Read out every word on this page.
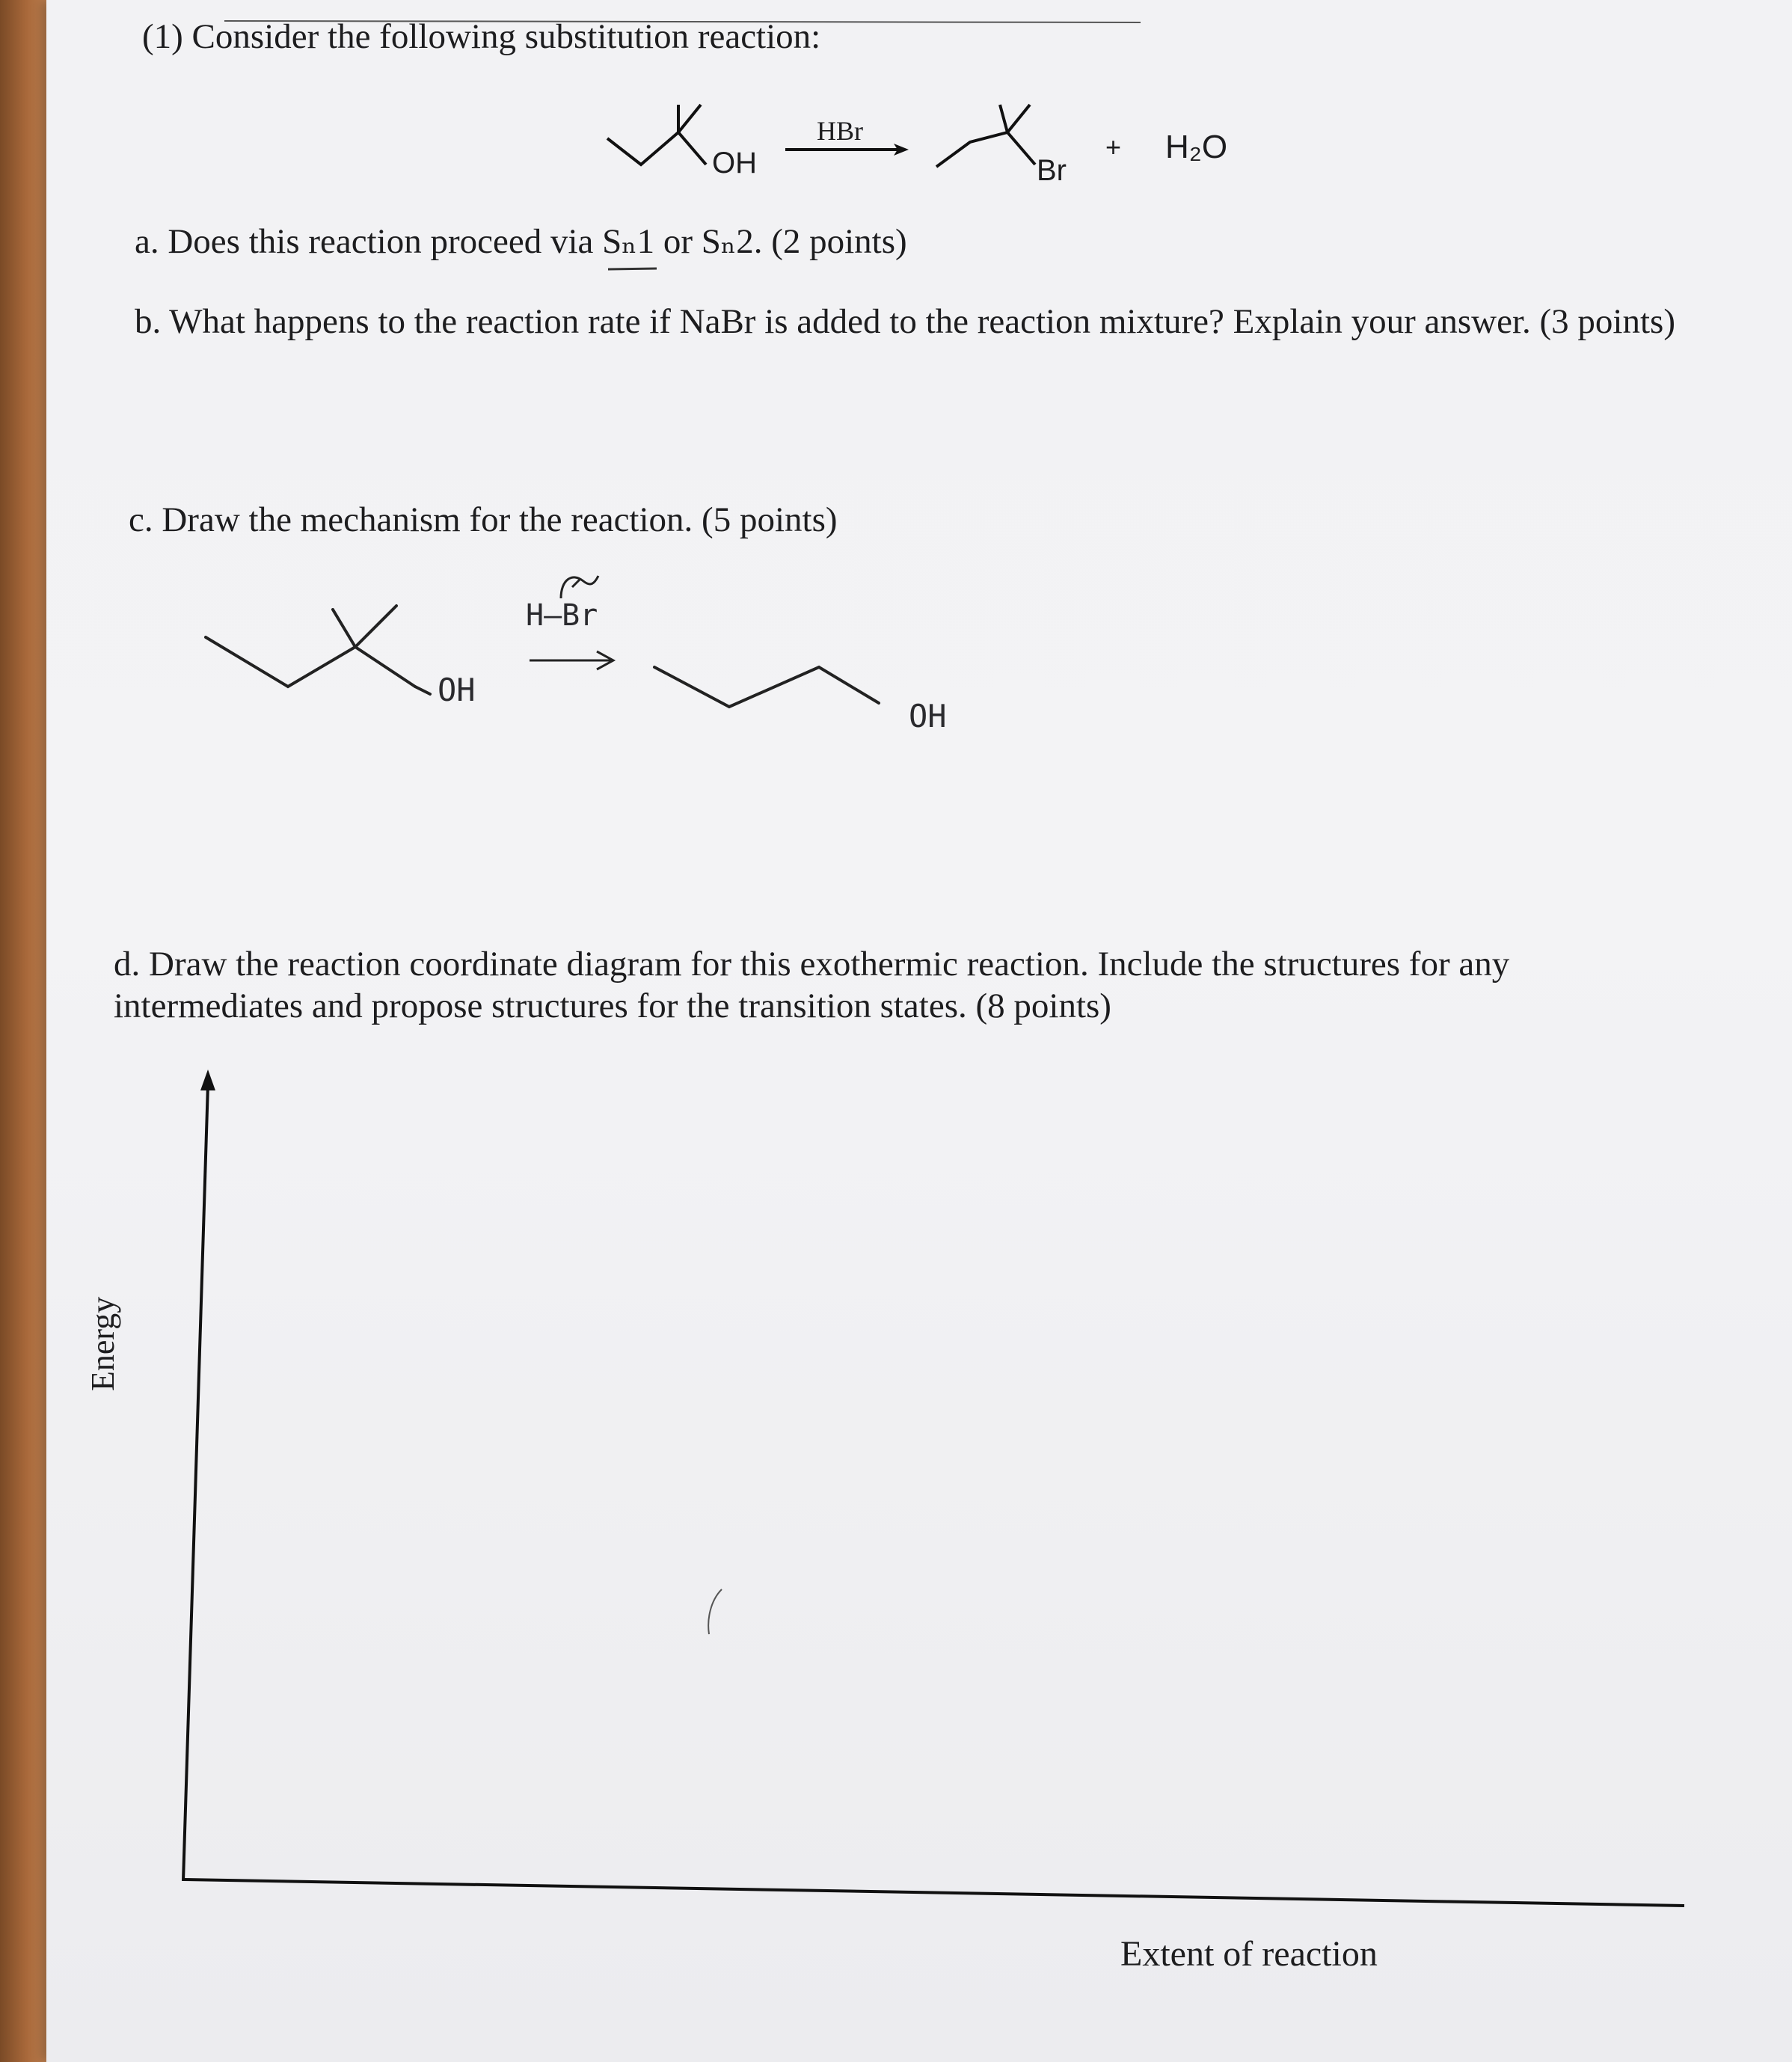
(1) Consider the following substitution reaction:
OH
HBr
Br
+ H₂O
a. Does this reaction proceed via Sₙ1 or Sₙ2. (2 points)
b. What happens to the reaction rate if NaBr is added to the reaction mixture? Explain your answer. (3 points)
c. Draw the mechanism for the reaction. (5 points)
OH
H–Br
OH
d. Draw the reaction coordinate diagram for this exothermic reaction. Include the structures for any
intermediates and propose structures for the transition states. (8 points)
Energy
Extent of reaction
